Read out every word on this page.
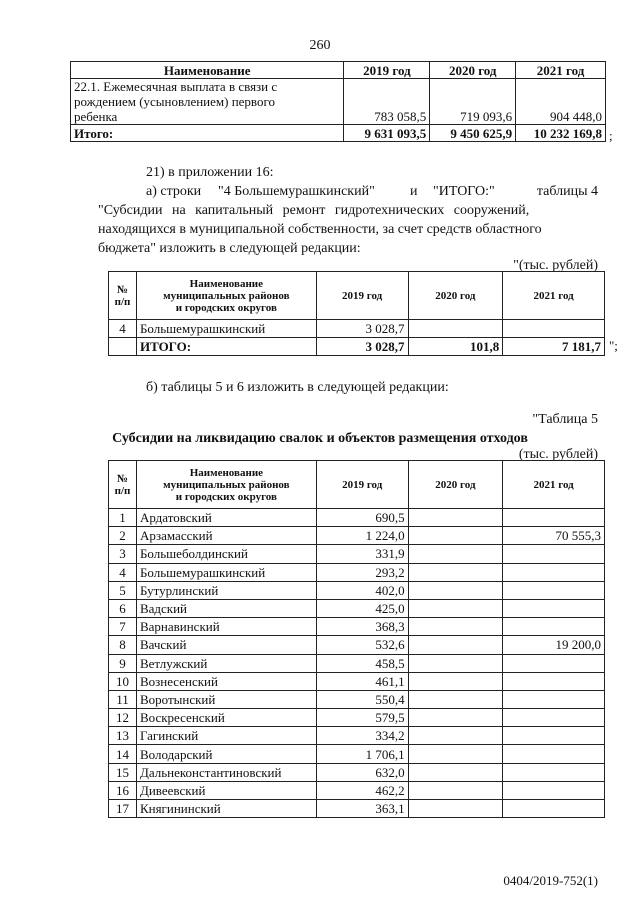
260
Наименование	2019 год	2020 год	2021 год

22.1. Ежемесячная выплата в связи с
рождением (усыновлением) первого
ребенка	783 058,5	719 093,6	904 448,0
Итого:	9 631 093,5	9 450 625,9	10 232 169,8 ;
21) в приложении 16:
а) строки "4 Большемурашкинский"	и "ИТОГО:"	таблицы 4
"Субсидии на капитальный ремонт гидротехнических сооружений,
находящихся в муниципальной собственности, за счет средств областного
бюджета" изложить в следующей редакции:
"(тыс. рублей)
№
п/п	Наименование
муниципальных районов
и городских округов	2019 год	2020 год	2021 год
4	Большемурашкинский	3 028,7		
	ИТОГО:	3 028,7	101,8	7 181,7 ";
б) таблицы 5 и 6 изложить в следующей редакции:
"Таблица 5
Субсидии на ликвидацию свалок и объектов размещения отходов
(тыс. рублей)
№
п/п	Наименование
муниципальных районов
и городских округов	2019 год	2020 год	2021 год
1	Ардатовский	690,5		
2	Арзамасский	1 224,0		70 555,3
3	Большеболдинский	331,9		
4	Большемурашкинский	293,2		
5	Бутурлинский	402,0		
6	Вадский	425,0		
7	Варнавинский	368,3		
8	Вачский	532,6		19 200,0
9	Ветлужский	458,5		
10	Вознесенский	461,1		
11	Воротынский	550,4		
12	Воскресенский	579,5		
13	Гагинский	334,2		
14	Володарский	1 706,1		
15	Дальнеконстантиновский	632,0		
16	Дивеевский	462,2		
17	Княгининский	363,1		
0404/2019-752(1)
